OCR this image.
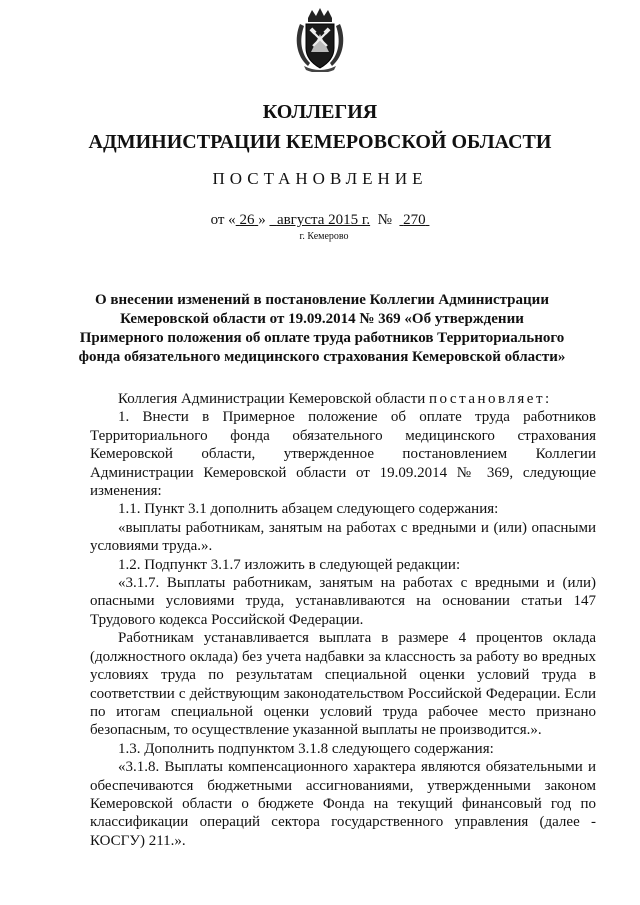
КОЛЛЕГИЯ
АДМИНИСТРАЦИИ КЕМЕРОВСКОЙ ОБЛАСТИ
ПОСТАНОВЛЕНИЕ
от « 26 » августа 2015 г. № 270
г. Кемерово
О внесении изменений в постановление Коллегии Администрации Кемеровской области от 19.09.2014 № 369 «Об утверждении Примерного положения об оплате труда работников Территориального фонда обязательного медицинского страхования Кемеровской области»

Коллегия Администрации Кемеровской области постановляет:

1. Внести в Примерное положение об оплате труда работников Территориального фонда обязательного медицинского страхования Кемеровской области, утвержденное постановлением Коллегии Администрации Кемеровской области от 19.09.2014 № 369, следующие изменения:

1.1. Пункт 3.1 дополнить абзацем следующего содержания:

«выплаты работникам, занятым на работах с вредными и (или) опасными условиями труда.».

1.2. Подпункт 3.1.7 изложить в следующей редакции:

«3.1.7. Выплаты работникам, занятым на работах с вредными и (или) опасными условиями труда, устанавливаются на основании статьи 147 Трудового кодекса Российской Федерации.

Работникам устанавливается выплата в размере 4 процентов оклада (должностного оклада) без учета надбавки за классность за работу во вредных условиях труда по результатам специальной оценки условий труда в соответствии с действующим законодательством Российской Федерации. Если по итогам специальной оценки условий труда рабочее место признано безопасным, то осуществление указанной выплаты не производится.».

1.3. Дополнить подпунктом 3.1.8 следующего содержания:

«3.1.8. Выплаты компенсационного характера являются обязательными и обеспечиваются бюджетными ассигнованиями, утвержденными законом Кемеровской области о бюджете Фонда на текущий финансовый год по классификации операций сектора государственного управления (далее - КОСГУ) 211.».
